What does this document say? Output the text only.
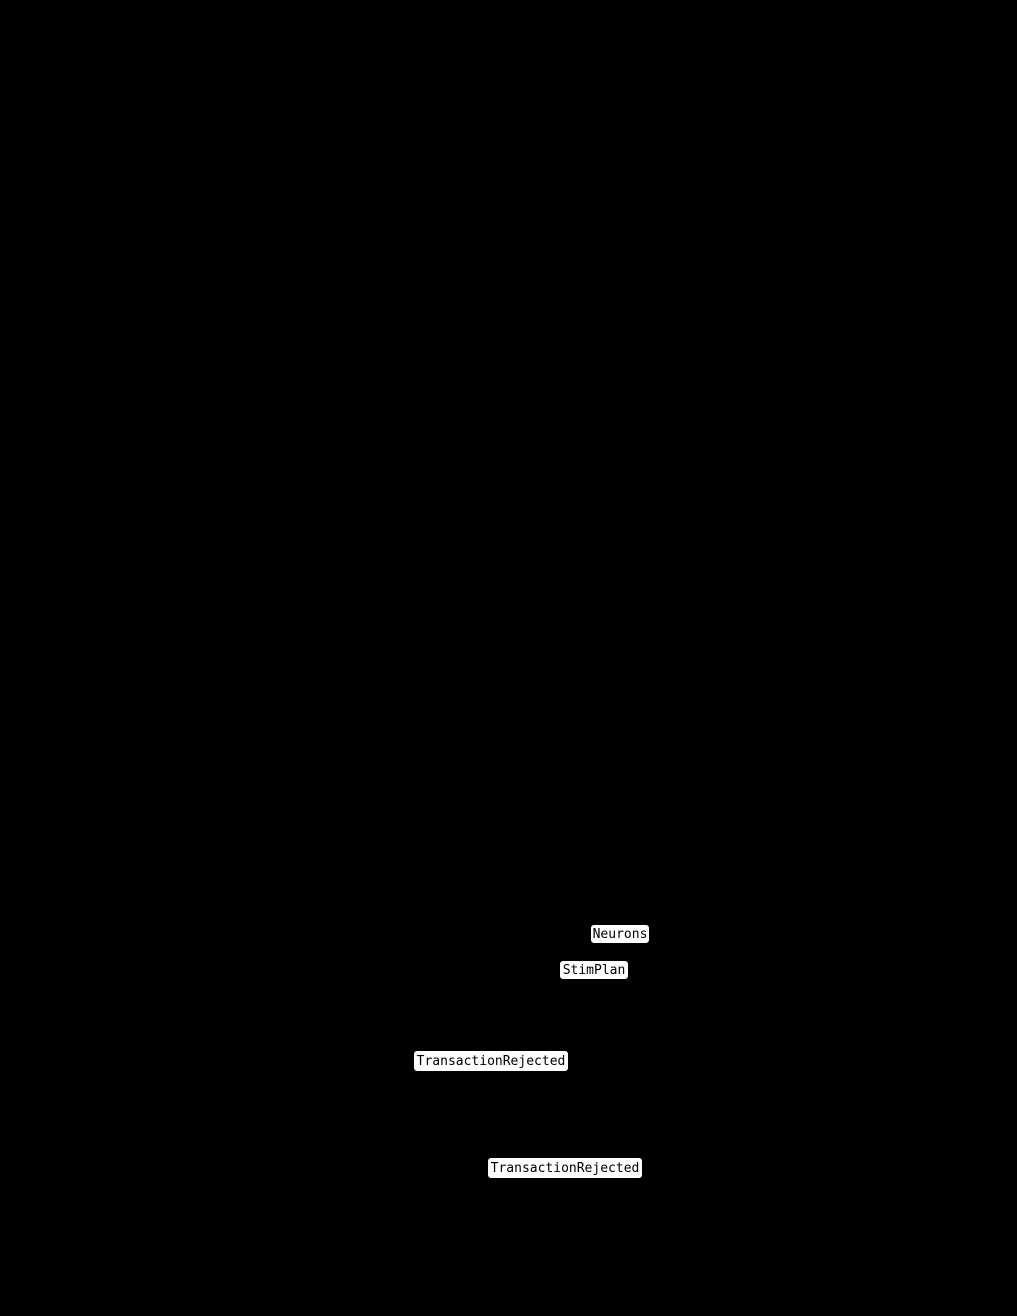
Neurons
StimPlan
TransactionRejected
TransactionRejected
